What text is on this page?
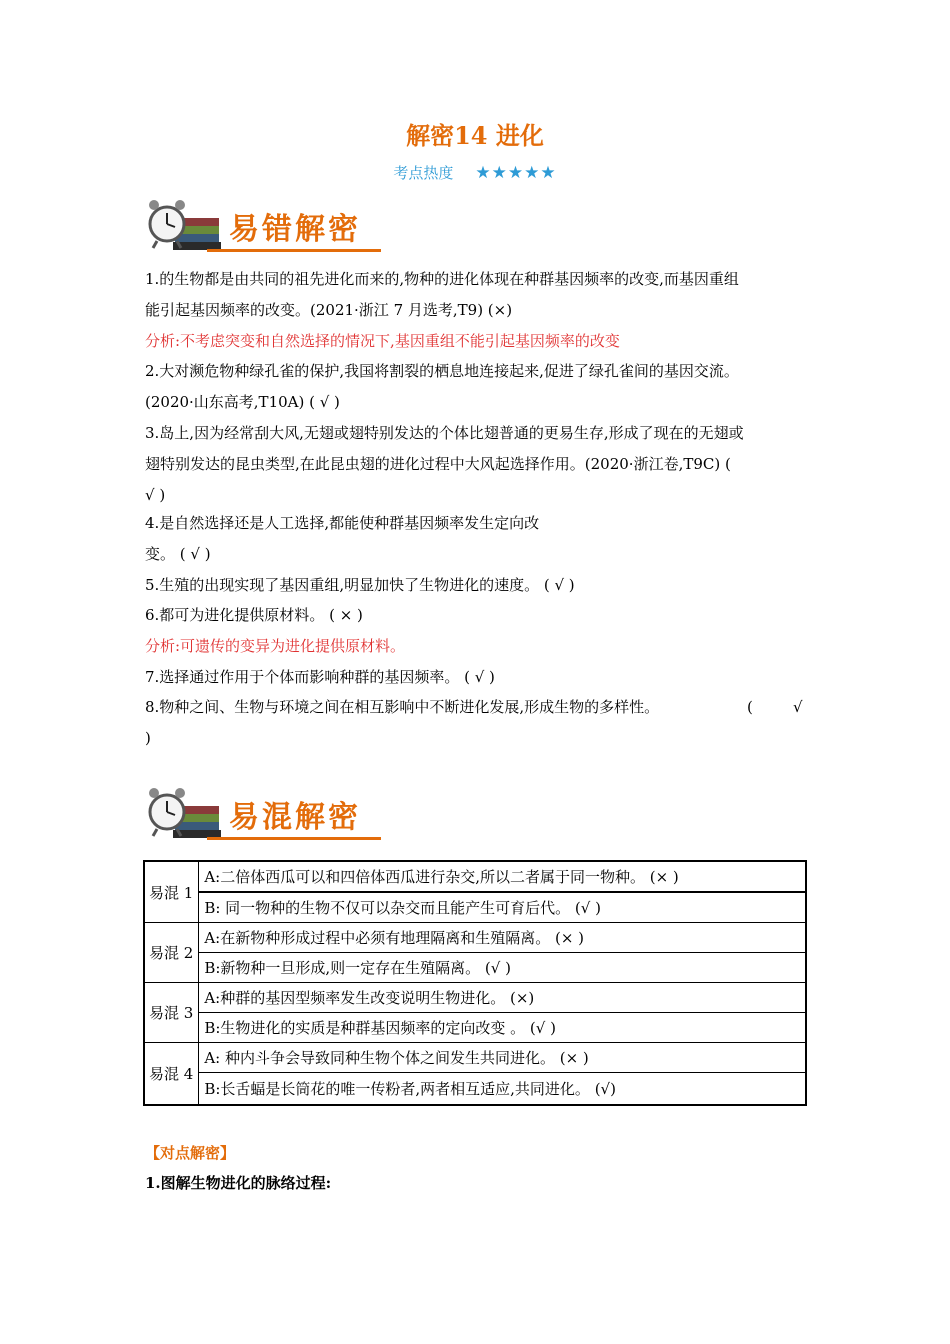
解密14 进化
考点热度 ★★★★★
易错解密
1.的生物都是由共同的祖先进化而来的,物种的进化体现在种群基因频率的改变,而基因重组
能引起基因频率的改变。(2021·浙江 7 月选考,T9) (×)
分析:不考虑突变和自然选择的情况下,基因重组不能引起基因频率的改变
2.大对濒危物种绿孔雀的保护,我国将割裂的栖息地连接起来,促进了绿孔雀间的基因交流。
(2020·山东高考,T10A) ( √ )
3.岛上,因为经常刮大风,无翅或翅特别发达的个体比翅普通的更易生存,形成了现在的无翅或
翅特别发达的昆虫类型,在此昆虫翅的进化过程中大风起选择作用。(2020·浙江卷,T9C) (
√ )
4.是自然选择还是人工选择,都能使种群基因频率发生定向改
变。 ( √ )
5.生殖的出现实现了基因重组,明显加快了生物进化的速度。 ( √ )
6.都可为进化提供原材料。 ( × )
分析:可遗传的变异为进化提供原材料。
7.选择通过作用于个体而影响种群的基因频率。 ( √ )
8.物种之间、生物与环境之间在相互影响中不断进化发展,形成生物的多样性。	(	√
)
易混解密
易混 1	A:二倍体西瓜可以和四倍体西瓜进行杂交,所以二者属于同一物种。 (× )
	B: 同一物种的生物不仅可以杂交而且能产生可育后代。 (√ )
易混 2	A:在新物种形成过程中必须有地理隔离和生殖隔离。 (× )
	B:新物种一旦形成,则一定存在生殖隔离。 (√ )
易混 3	A:种群的基因型频率发生改变说明生物进化。 (×)
	B:生物进化的实质是种群基因频率的定向改变 。 (√ )
易混 4	A: 种内斗争会导致同种生物个体之间发生共同进化。 (× )
	B:长舌蝠是长筒花的唯一传粉者,两者相互适应,共同进化。 (√)
【对点解密】
1.图解生物进化的脉络过程:
